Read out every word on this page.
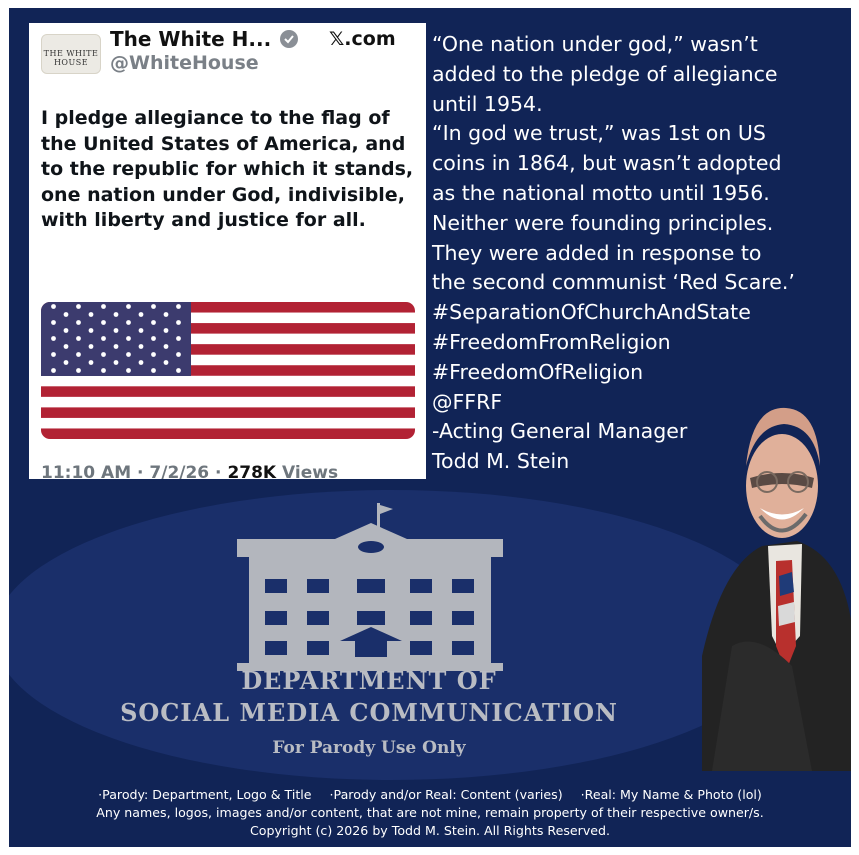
THE WHITE HOUSE
The White H...	𝕏.com
@WhiteHouse
I pledge allegiance to the flag of the United States of America, and to the republic for which it stands, one nation under God, indivisible, with liberty and justice for all.
11:10 AM · 7/2/26 · 278K Views
“One nation under god,” wasn’t
added to the pledge of allegiance
until 1954.
“In god we trust,” was 1st on US
coins in 1864, but wasn’t adopted
as the national motto until 1956.
Neither were founding principles.
They were added in response to
the second communist ‘Red Scare.’
#SeparationOfChurchAndState
#FreedomFromReligion
#FreedomOfReligion
@FFRF
-Acting General Manager
Todd M. Stein
DEPARTMENT OF
SOCIAL MEDIA COMMUNICATION
For Parody Use Only
·Parody: Department, Logo & Title ·Parody and/or Real: Content (varies) ·Real: My Name & Photo (lol)
Any names, logos, images and/or content, that are not mine, remain property of their respective owner/s.
Copyright (c) 2026 by Todd M. Stein. All Rights Reserved.
